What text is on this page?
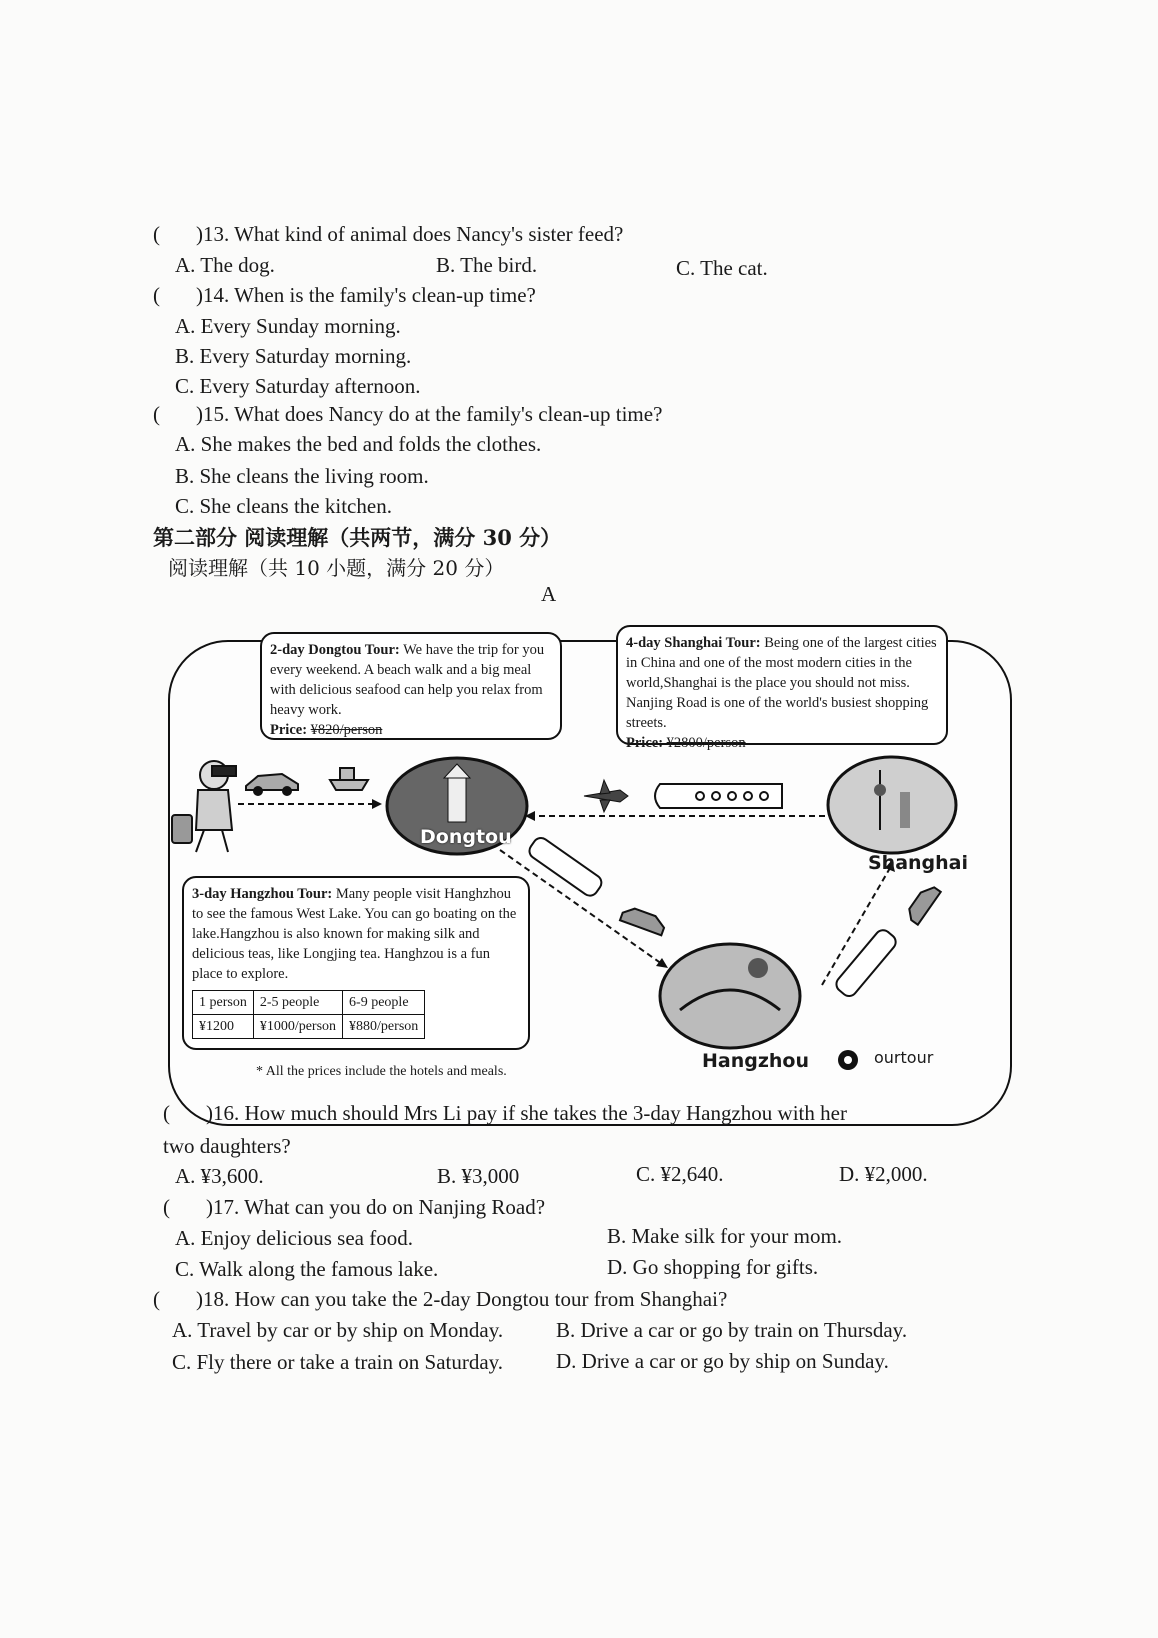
( )13. What kind of animal does Nancy's sister feed?
A. The dog.	B. The bird.	C. The cat.
( )14. When is the family's clean-up time?
A. Every Sunday morning.
B. Every Saturday morning.
C. Every Saturday afternoon.
( )15. What does Nancy do at the family's clean-up time?
A. She makes the bed and folds the clothes.
B. She cleans the living room.
C. She cleans the kitchen.
第二部分 阅读理解（共两节，满分 30 分）
阅读理解（共 10 小题，满分 20 分）
A
2-day Dongtou Tour: We have the trip for you every weekend. A beach walk and a big meal with delicious seafood can help you relax from heavy work.
Price: ¥820/person
4-day Shanghai Tour: Being one of the largest cities in China and one of the most modern cities in the world,Shanghai is the place you should not miss. Nanjing Road is one of the world's busiest shopping streets.
Price: ¥2800/person
3-day Hangzhou Tour: Many people visit Hanghzhou to see the famous West Lake. You can go boating on the lake.Hangzhou is also known for making silk and delicious teas, like Longjing tea. Hanghzou is a fun place to explore.
1 person	2-5 people	6-9 people
¥1200	¥1000/person	¥880/person
Dongtou
Shanghai
Hangzhou	ourtour
* All the prices include the hotels and meals.
( )16. How much should Mrs Li pay if she takes the 3-day Hangzhou with her
two daughters?
A. ¥3,600.	B. ¥3,000	C. ¥2,640.	D. ¥2,000.
( )17. What can you do on Nanjing Road?
A. Enjoy delicious sea food.	B. Make silk for your mom.
C. Walk along the famous lake.	D. Go shopping for gifts.
( )18. How can you take the 2-day Dongtou tour from Shanghai?
A. Travel by car or by ship on Monday.	B. Drive a car or go by train on Thursday.
C. Fly there or take a train on Saturday.	D. Drive a car or go by ship on Sunday.
